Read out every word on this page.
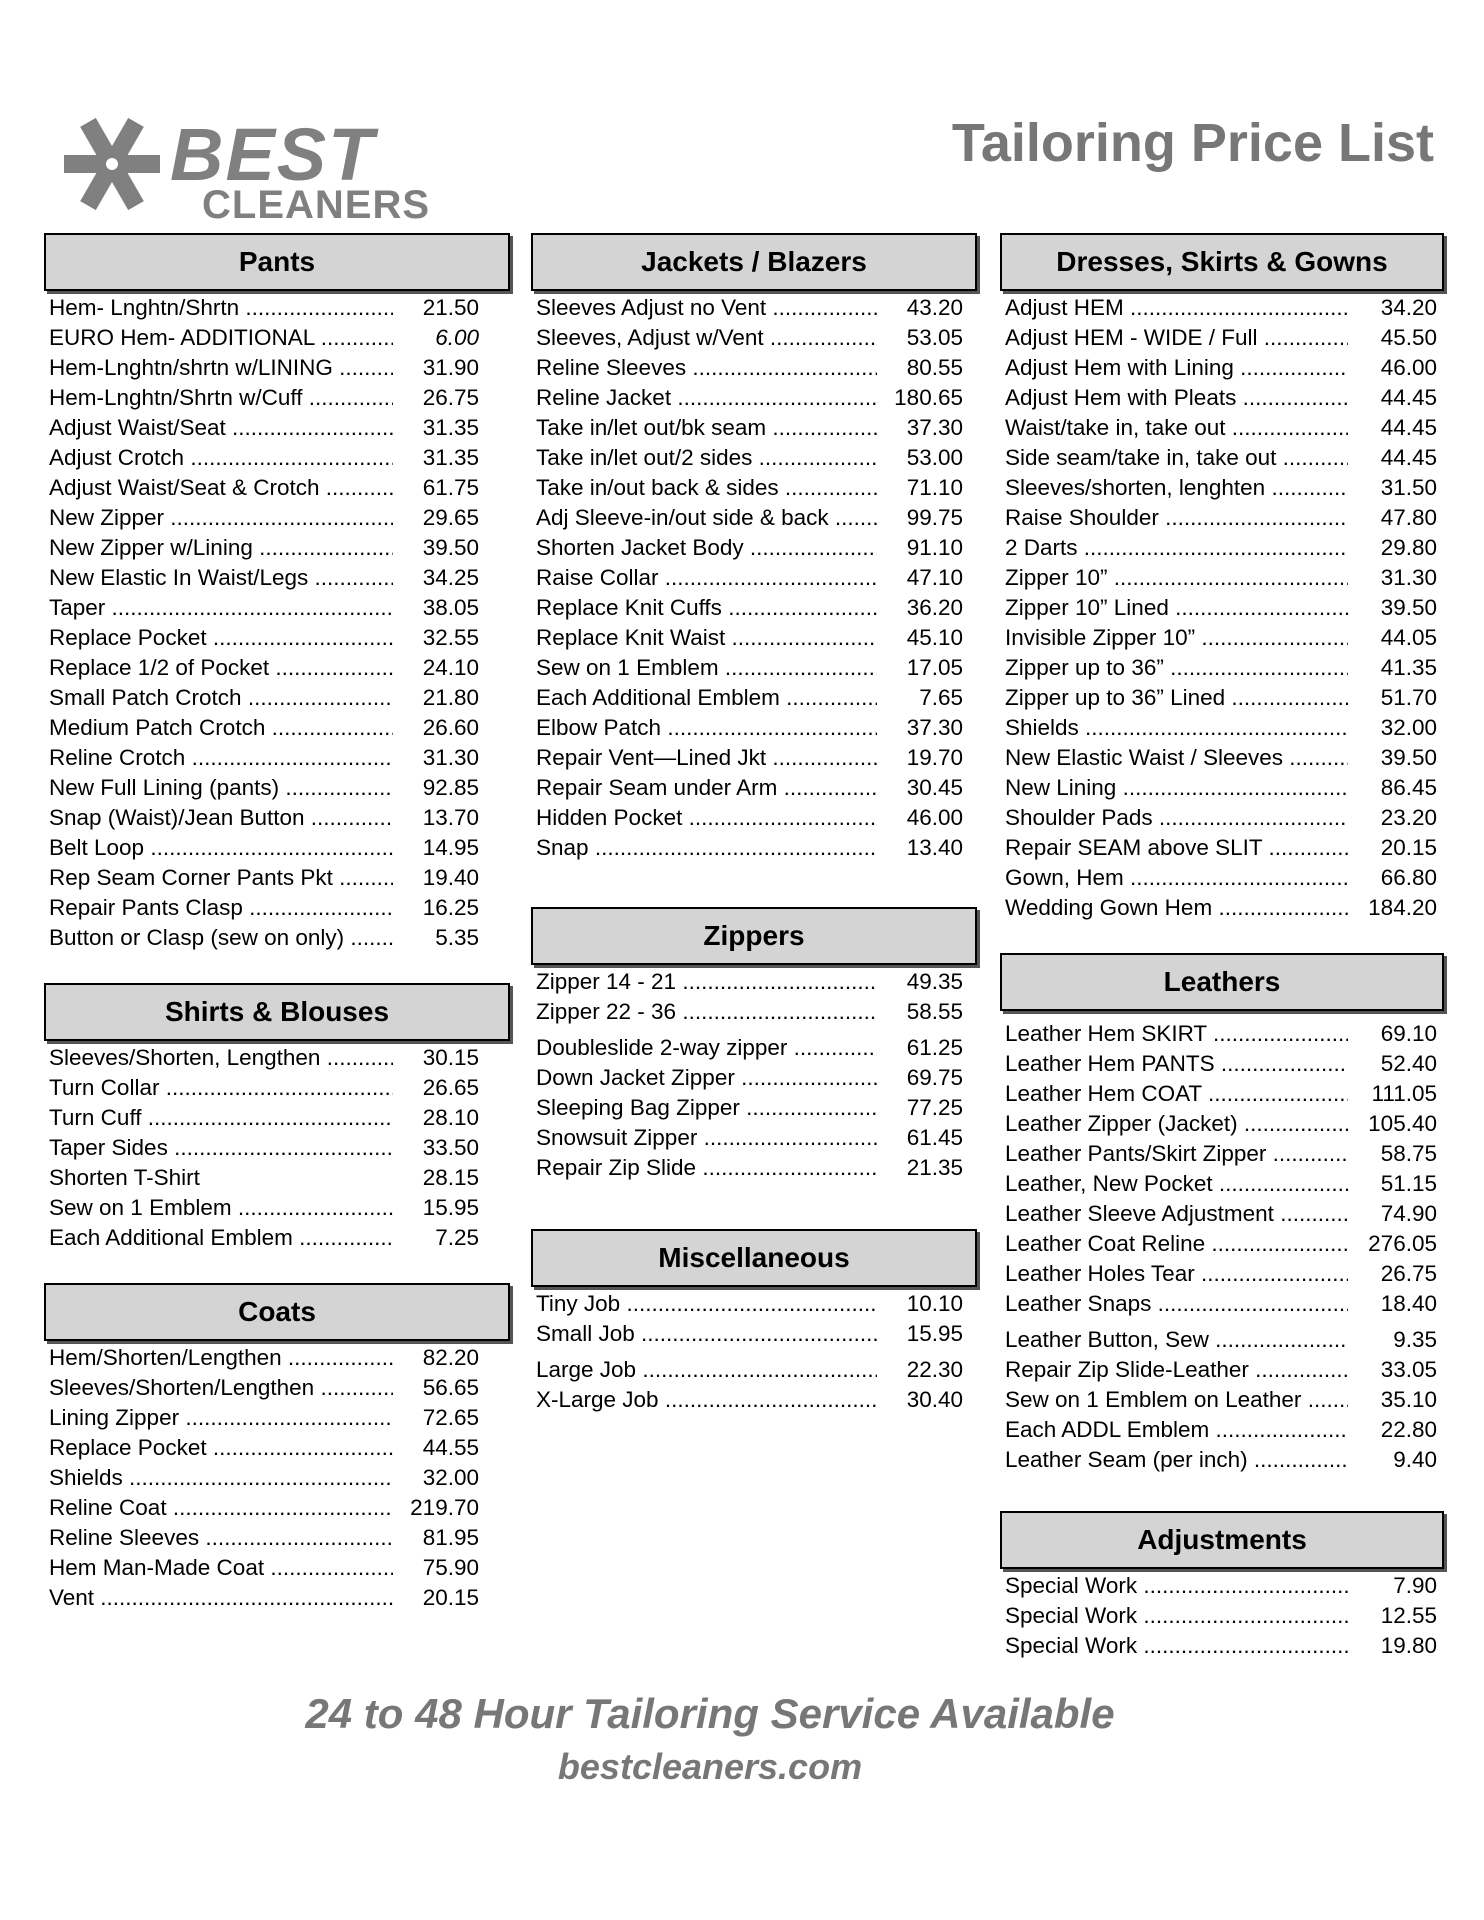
BEST
CLEANERS
Tailoring Price List
Pants
Hem- Lnghtn/Shrtn .....	21.50
EURO Hem- ADDITIONAL .....	6.00
Hem-Lnghtn/shrtn w/LINING .....	31.90
Hem-Lnghtn/Shrtn w/Cuff .....	26.75
Adjust Waist/Seat .....	31.35
Adjust Crotch .....	31.35
Adjust Waist/Seat & Crotch .....	61.75
New Zipper .....	29.65
New Zipper w/Lining .....	39.50
New Elastic In Waist/Legs .....	34.25
Taper .....	38.05
Replace Pocket .....	32.55
Replace 1/2 of Pocket .....	24.10
Small Patch Crotch .....	21.80
Medium Patch Crotch .....	26.60
Reline Crotch .....	31.30
New Full Lining (pants) .....	92.85
Snap (Waist)/Jean Button .....	13.70
Belt Loop .....	14.95
Rep Seam Corner Pants Pkt .....	19.40
Repair Pants Clasp .....	16.25
Button or Clasp (sew on only) .....	5.35
Shirts & Blouses
Sleeves/Shorten, Lengthen .....	30.15
Turn Collar .....	26.65
Turn Cuff .....	28.10
Taper Sides .....	33.50
Shorten T-Shirt	28.15
Sew on 1 Emblem .....	15.95
Each Additional Emblem .....	7.25
Coats
Hem/Shorten/Lengthen .....	82.20
Sleeves/Shorten/Lengthen .....	56.65
Lining Zipper .....	72.65
Replace Pocket .....	44.55
Shields .....	32.00
Reline Coat .....	219.70
Reline Sleeves .....	81.95
Hem Man-Made Coat .....	75.90
Vent .....	20.15
Jackets / Blazers
Sleeves Adjust no Vent .....	43.20
Sleeves, Adjust w/Vent .....	53.05
Reline Sleeves .....	80.55
Reline Jacket .....	180.65
Take in/let out/bk seam .....	37.30
Take in/let out/2 sides .....	53.00
Take in/out back & sides .....	71.10
Adj Sleeve-in/out side & back .....	99.75
Shorten Jacket Body .....	91.10
Raise Collar .....	47.10
Replace Knit Cuffs .....	36.20
Replace Knit Waist .....	45.10
Sew on 1 Emblem .....	17.05
Each Additional Emblem .....	7.65
Elbow Patch .....	37.30
Repair Vent—Lined Jkt .....	19.70
Repair Seam under Arm .....	30.45
Hidden Pocket .....	46.00
Snap .....	13.40
Zippers
Zipper 14 - 21 .....	49.35
Zipper 22 - 36 .....	58.55
Doubleslide 2-way zipper .....	61.25
Down Jacket Zipper .....	69.75
Sleeping Bag Zipper .....	77.25
Snowsuit Zipper .....	61.45
Repair Zip Slide .....	21.35
Miscellaneous
Tiny Job .....	10.10
Small Job .....	15.95
Large Job .....	22.30
X-Large Job .....	30.40
Dresses, Skirts & Gowns
Adjust HEM .....	34.20
Adjust HEM - WIDE / Full .....	45.50
Adjust Hem with Lining .....	46.00
Adjust Hem with Pleats .....	44.45
Waist/take in, take out .....	44.45
Side seam/take in, take out .....	44.45
Sleeves/shorten, lenghten .....	31.50
Raise Shoulder .....	47.80
2 Darts .....	29.80
Zipper 10” .....	31.30
Zipper 10” Lined .....	39.50
Invisible Zipper 10” .....	44.05
Zipper up to 36” .....	41.35
Zipper up to 36” Lined .....	51.70
Shields .....	32.00
New Elastic Waist / Sleeves .....	39.50
New Lining .....	86.45
Shoulder Pads .....	23.20
Repair SEAM above SLIT .....	20.15
Gown, Hem .....	66.80
Wedding Gown Hem .....	184.20
Leathers
Leather Hem SKIRT .....	69.10
Leather Hem PANTS .....	52.40
Leather Hem COAT .....	111.05
Leather Zipper (Jacket) .....	105.40
Leather Pants/Skirt Zipper .....	58.75
Leather, New Pocket .....	51.15
Leather Sleeve Adjustment .....	74.90
Leather Coat Reline .....	276.05
Leather Holes Tear .....	26.75
Leather Snaps .....	18.40
Leather Button, Sew .....	9.35
Repair Zip Slide-Leather .....	33.05
Sew on 1 Emblem on Leather .....	35.10
Each ADDL Emblem .....	22.80
Leather Seam (per inch) .....	9.40
Adjustments
Special Work .....	7.90
Special Work .....	12.55
Special Work .....	19.80
24 to 48 Hour Tailoring Service Available
bestcleaners.com
